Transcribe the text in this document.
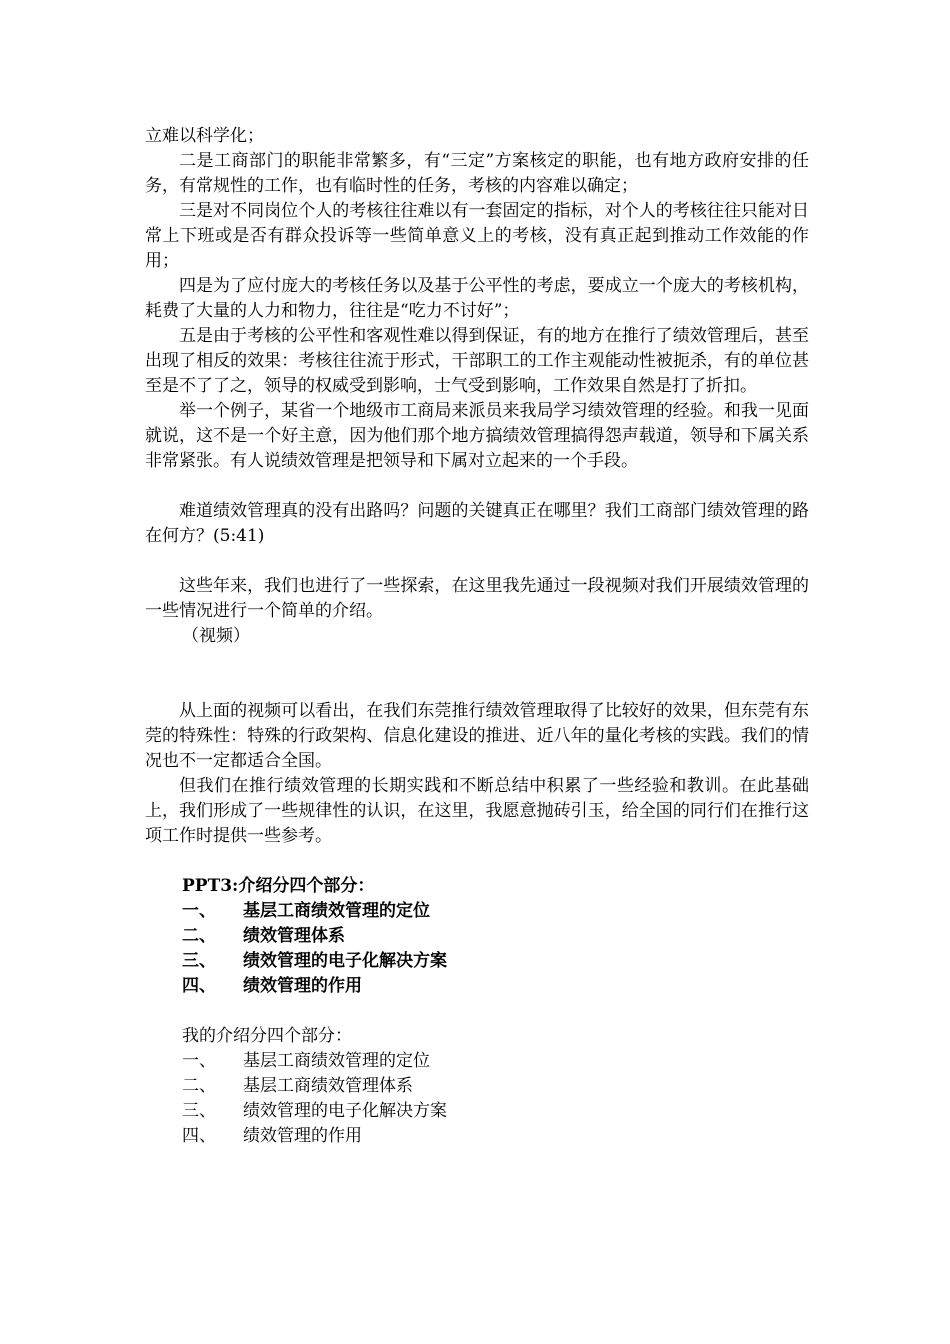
立难以科学化；

二是工商部门的职能非常繁多，有“三定”方案核定的职能，也有地方政府安排的任务，有常规性的工作，也有临时性的任务，考核的内容难以确定；

三是对不同岗位个人的考核往往难以有一套固定的指标，对个人的考核往往只能对日常上下班或是否有群众投诉等一些简单意义上的考核，没有真正起到推动工作效能的作用；

四是为了应付庞大的考核任务以及基于公平性的考虑，要成立一个庞大的考核机构，耗费了大量的人力和物力，往往是“吃力不讨好”；

五是由于考核的公平性和客观性难以得到保证，有的地方在推行了绩效管理后，甚至出现了相反的效果：考核往往流于形式，干部职工的工作主观能动性被扼杀，有的单位甚至是不了了之，领导的权威受到影响，士气受到影响，工作效果自然是打了折扣。

举一个例子，某省一个地级市工商局来派员来我局学习绩效管理的经验。和我一见面就说，这不是一个好主意，因为他们那个地方搞绩效管理搞得怨声载道，领导和下属关系非常紧张。有人说绩效管理是把领导和下属对立起来的一个手段。

难道绩效管理真的没有出路吗？问题的关键真正在哪里？我们工商部门绩效管理的路在何方？(5:41)

这些年来，我们也进行了一些探索，在这里我先通过一段视频对我们开展绩效管理的一些情况进行一个简单的介绍。

（视频）

从上面的视频可以看出，在我们东莞推行绩效管理取得了比较好的效果，但东莞有东莞的特殊性：特殊的行政架构、信息化建设的推进、近八年的量化考核的实践。我们的情况也不一定都适合全国。

但我们在推行绩效管理的长期实践和不断总结中积累了一些经验和教训。在此基础上，我们形成了一些规律性的认识，在这里，我愿意抛砖引玉，给全国的同行们在推行这项工作时提供一些参考。

PPT3:介绍分四个部分：

一、	基层工商绩效管理的定位

二、	绩效管理体系

三、	绩效管理的电子化解决方案

四、	绩效管理的作用

我的介绍分四个部分：

一、	基层工商绩效管理的定位

二、	基层工商绩效管理体系

三、	绩效管理的电子化解决方案

四、	绩效管理的作用
